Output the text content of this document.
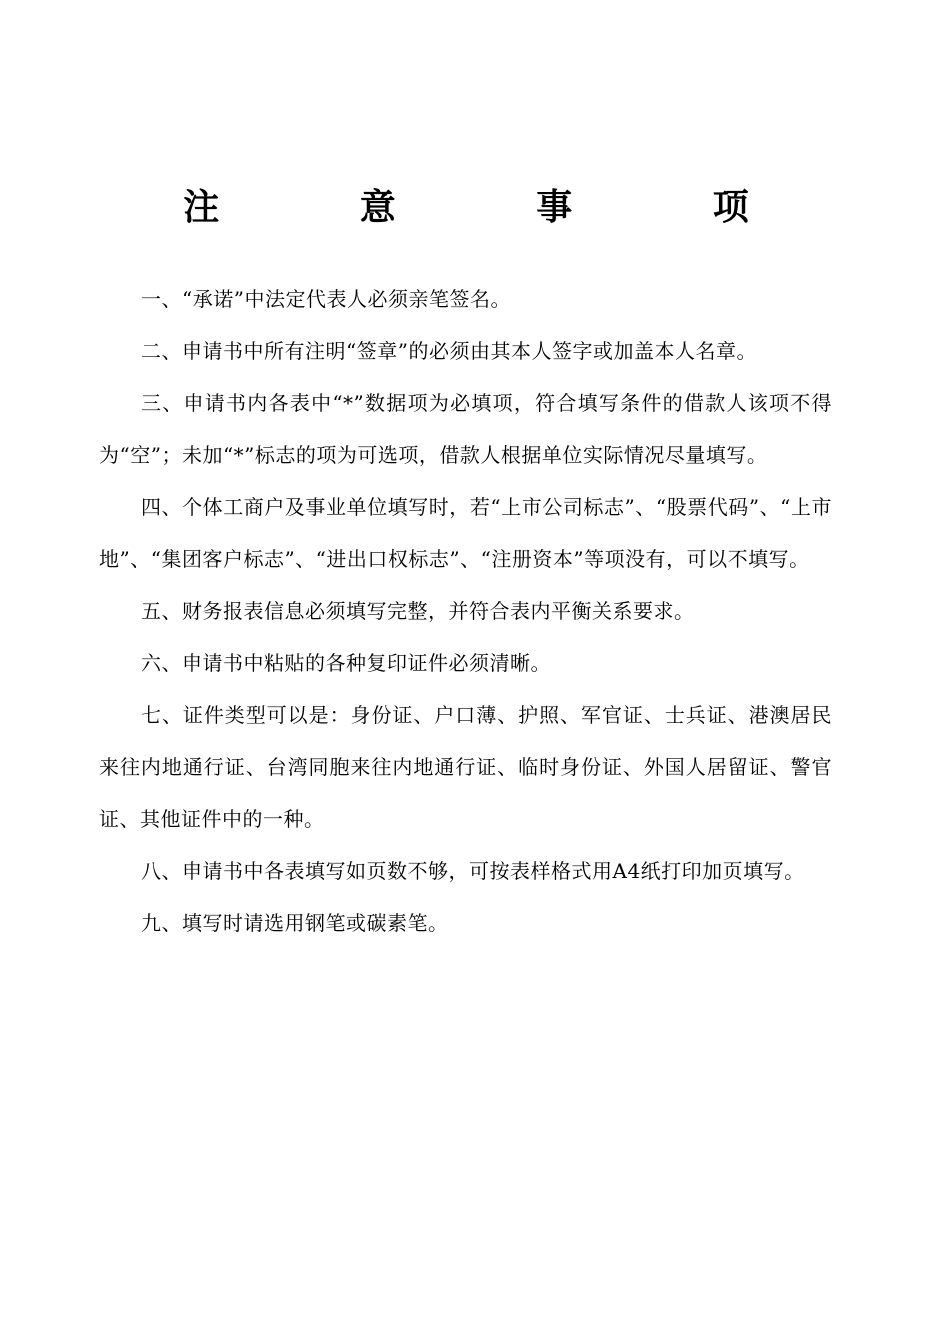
注 意 事 项

一、“承诺”中法定代表人必须亲笔签名。

二、申请书中所有注明“签章”的必须由其本人签字或加盖本人名章。

三、申请书内各表中“*”数据项为必填项，符合填写条件的借款人该项不得为“空”；未加“*”标志的项为可选项，借款人根据单位实际情况尽量填写。

四、个体工商户及事业单位填写时，若“上市公司标志”、“股票代码”、“上市地”、“集团客户标志”、“进出口权标志”、“注册资本”等项没有，可以不填写。

五、财务报表信息必须填写完整，并符合表内平衡关系要求。

六、申请书中粘贴的各种复印证件必须清晰。

七、证件类型可以是：身份证、户口薄、护照、军官证、士兵证、港澳居民来往内地通行证、台湾同胞来往内地通行证、临时身份证、外国人居留证、警官证、其他证件中的一种。

八、申请书中各表填写如页数不够，可按表样格式用A4纸打印加页填写。

九、填写时请选用钢笔或碳素笔。
